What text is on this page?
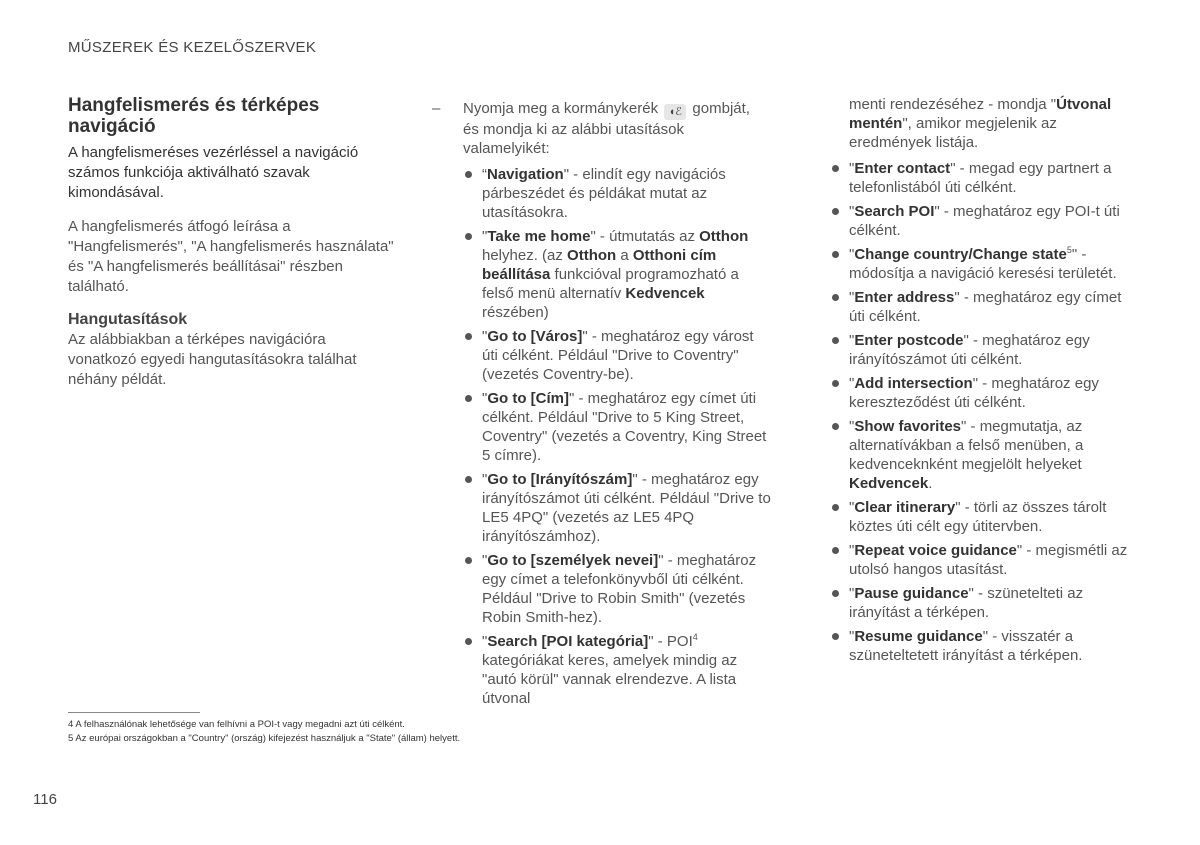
MŰSZEREK ÉS KEZELŐSZERVEK
Hangfelismerés és térképes navigáció
A hangfelismeréses vezérléssel a navigáció számos funkciója aktiválható szavak kimondásával.
A hangfelismerés átfogó leírása a "Hangfelismerés", "A hangfelismerés használata" és "A hangfelismerés beállításai" részben található.
Hangutasítások
Az alábbiakban a térképes navigációra vonatkozó egyedi hangutasításokra találhat néhány példát.
–	Nyomja meg a kormánykerék ◖ℰ gombját, és mondja ki az alábbi utasítások valamelyikét:
“Navigation" - elindít egy navigációs párbeszédet és példákat mutat az utasításokra.
"Take me home" - útmutatás az Otthon helyhez. (az Otthon a Otthoni cím beállítása funkcióval programozható a felső menü alternatív Kedvencek részében)
"Go to [Város]" - meghatároz egy várost úti célként. Például "Drive to Coventry" (vezetés Coventry-be).
"Go to [Cím]" - meghatároz egy címet úti célként. Például "Drive to 5 King Street, Coventry" (vezetés a Coventry, King Street 5 címre).
"Go to [Irányítószám]" - meghatároz egy irányítószámot úti célként. Például "Drive to LE5 4PQ" (vezetés az LE5 4PQ irányítószámhoz).
"Go to [személyek nevei]" - meghatároz egy címet a telefonkönyvből úti célként. Például "Drive to Robin Smith" (vezetés Robin Smith-hez).
"Search [POI kategória]" - POI$^4$ kategóriákat keres, amelyek mindig az "autó körül" vannak elrendezve. A lista útvonal
menti rendezéséhez - mondja "Útvonal mentén", amikor megjelenik az eredmények listája.
"Enter contact" - megad egy partnert a telefonlistából úti célként.
"Search POI" - meghatároz egy POI-t úti célként.
"Change country/Change state$^5$" - módosítja a navigáció keresési területét.
"Enter address" - meghatároz egy címet úti célként.
"Enter postcode" - meghatároz egy irányítószámot úti célként.
"Add intersection" - meghatároz egy kereszteződést úti célként.
"Show favorites" - megmutatja, az alternatívákban a felső menüben, a kedvenceknként megjelölt helyeket Kedvencek.
"Clear itinerary" - törli az összes tárolt köztes úti célt egy útitervben.
"Repeat voice guidance" - megismétli az utolsó hangos utasítást.
"Pause guidance" - szünetelteti az irányítást a térképen.
"Resume guidance" - visszatér a szüneteltetett irányítást a térképen.
4 A felhasználónak lehetősége van felhívni a POI-t vagy megadni azt úti célként.
5 Az európai országokban a "Country" (ország) kifejezést használjuk a "State" (állam) helyett.
116
